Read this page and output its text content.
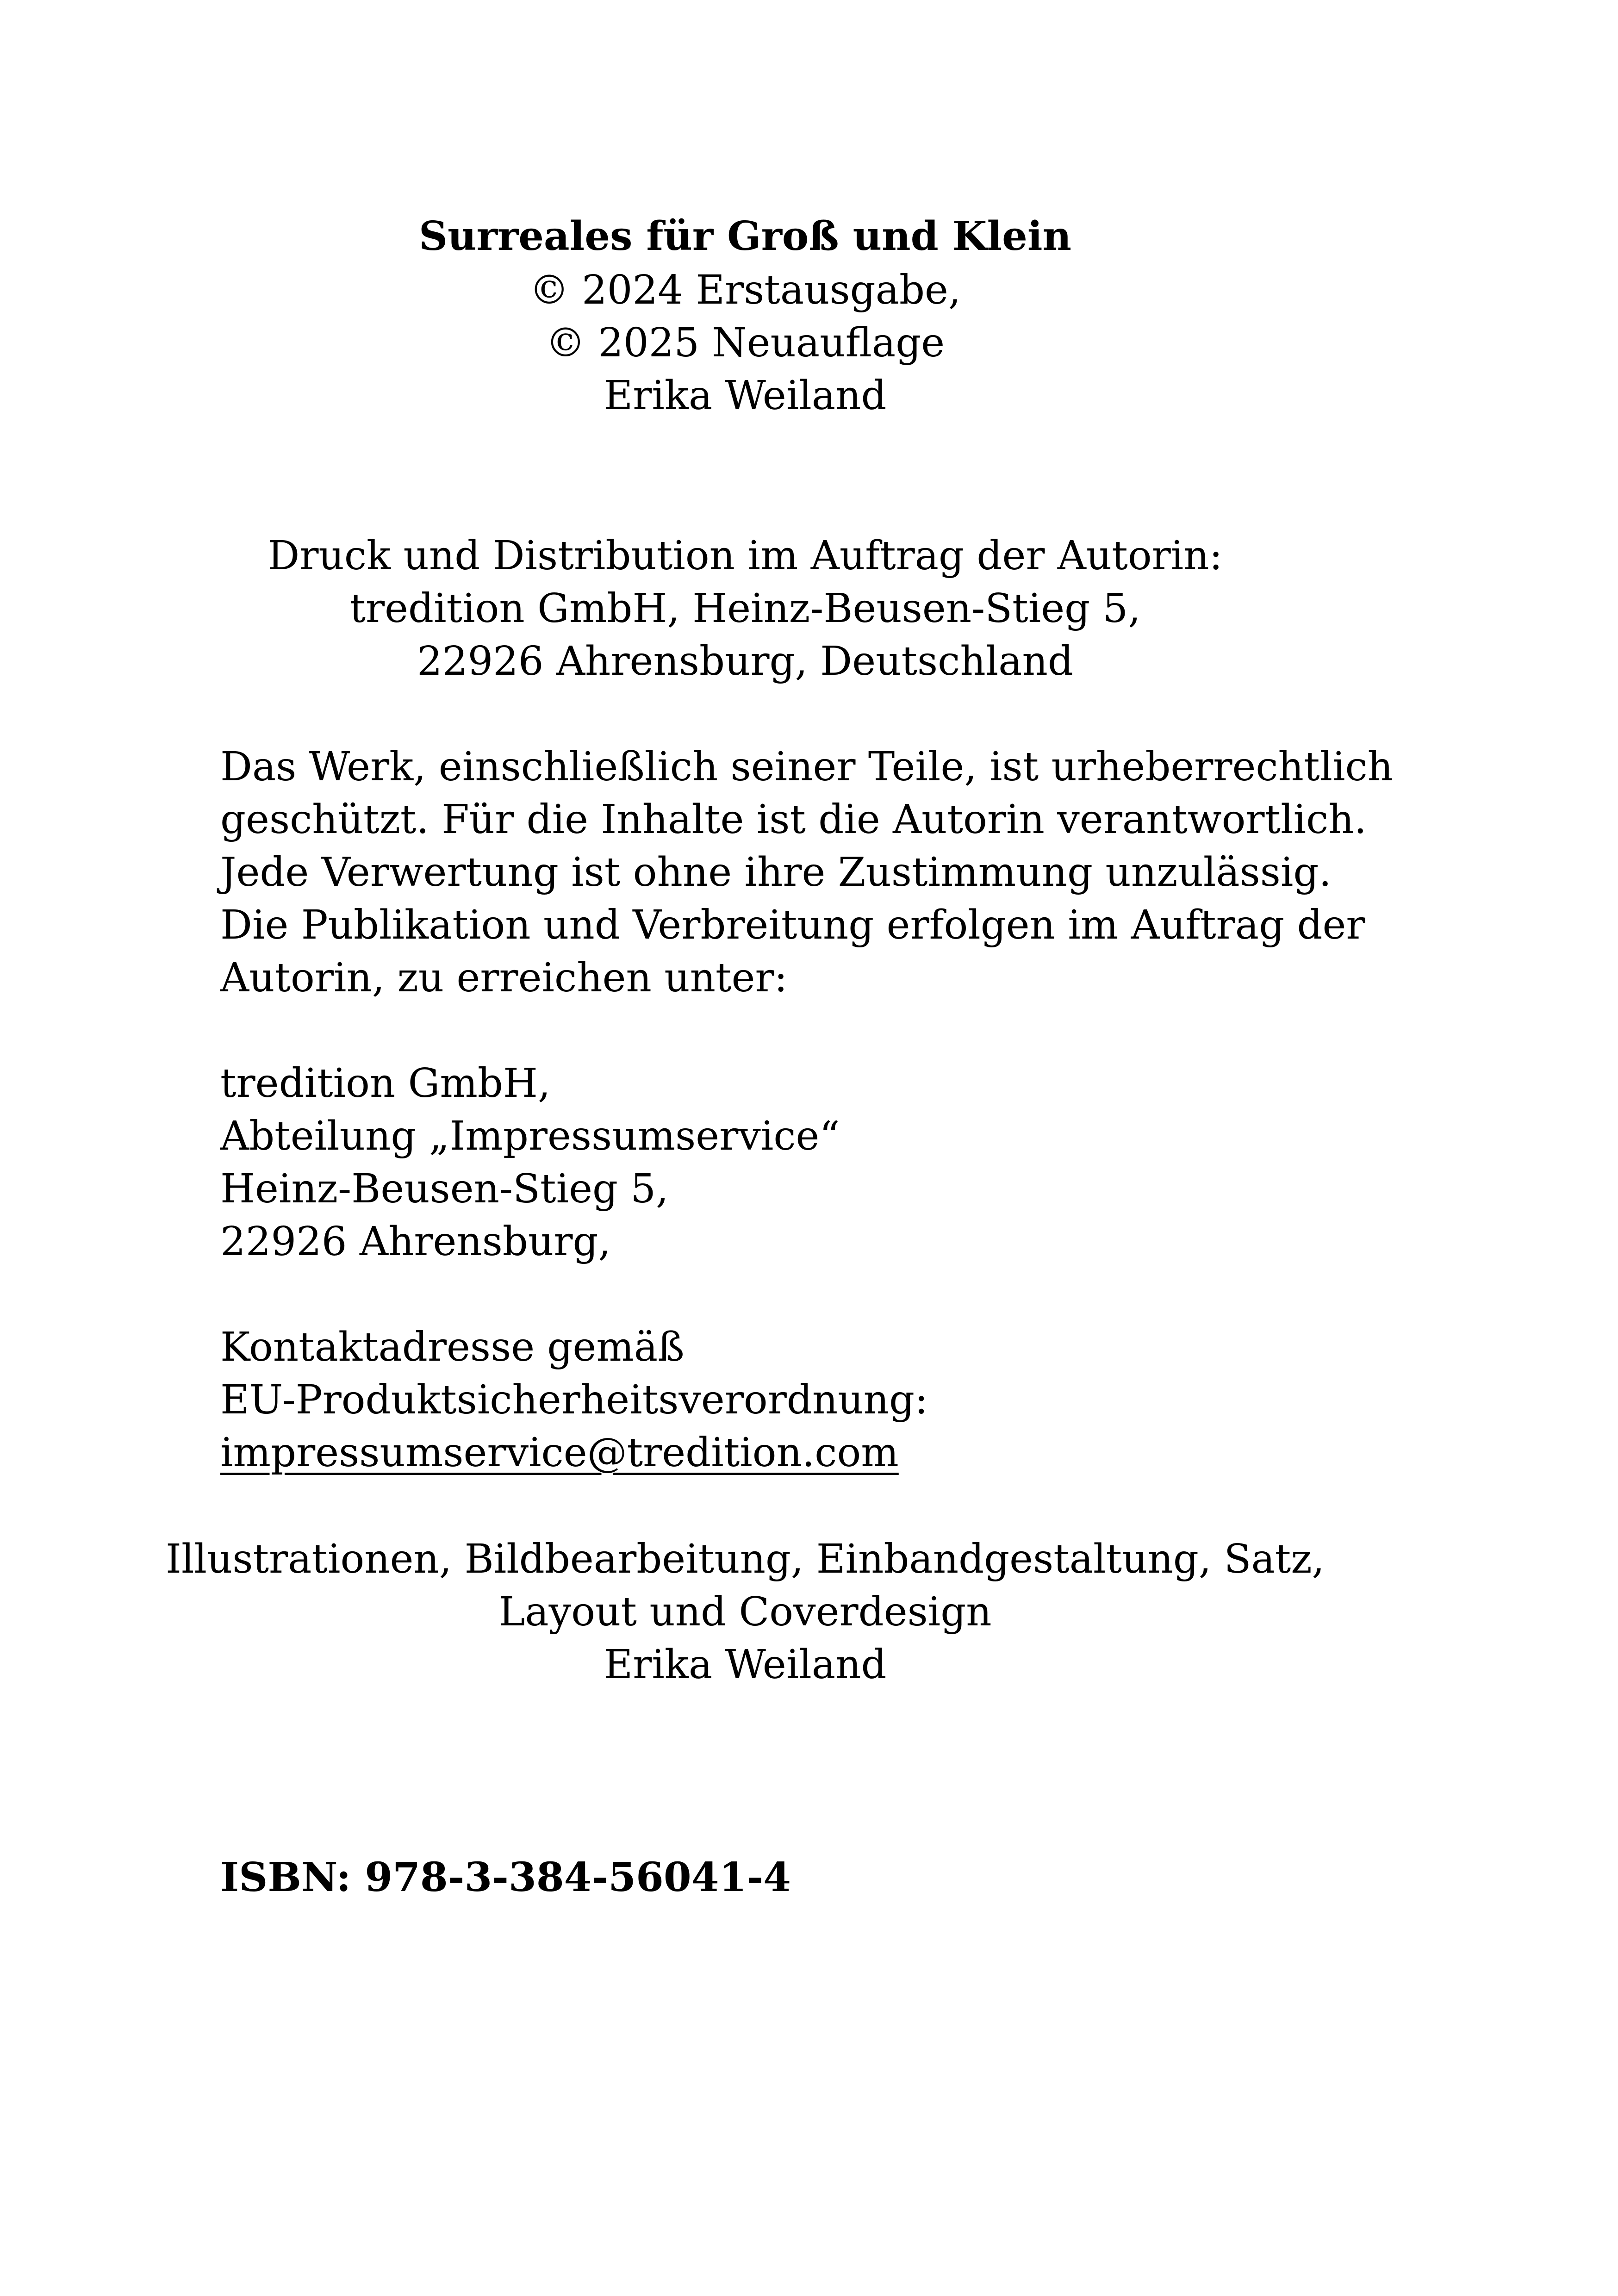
Surreales für Groß und Klein

© 2024 Erstausgabe,

© 2025 Neuauflage

Erika Weiland

Druck und Distribution im Auftrag der Autorin:

tredition GmbH, Heinz-Beusen-Stieg 5,

22926 Ahrensburg, Deutschland

Das Werk, einschließlich seiner Teile, ist urheberrechtlich

geschützt. Für die Inhalte ist die Autorin verantwortlich.

Jede Verwertung ist ohne ihre Zustimmung unzulässig.

Die Publikation und Verbreitung erfolgen im Auftrag der

Autorin, zu erreichen unter:

tredition GmbH,

Abteilung „Impressumservice“

Heinz-Beusen-Stieg 5,

22926 Ahrensburg,

Kontaktadresse gemäß

EU-Produktsicherheitsverordnung:

impressumservice@tredition.com

Illustrationen, Bildbearbeitung, Einbandgestaltung, Satz,

Layout und Coverdesign

Erika Weiland

ISBN: 978-3-384-56041-4
